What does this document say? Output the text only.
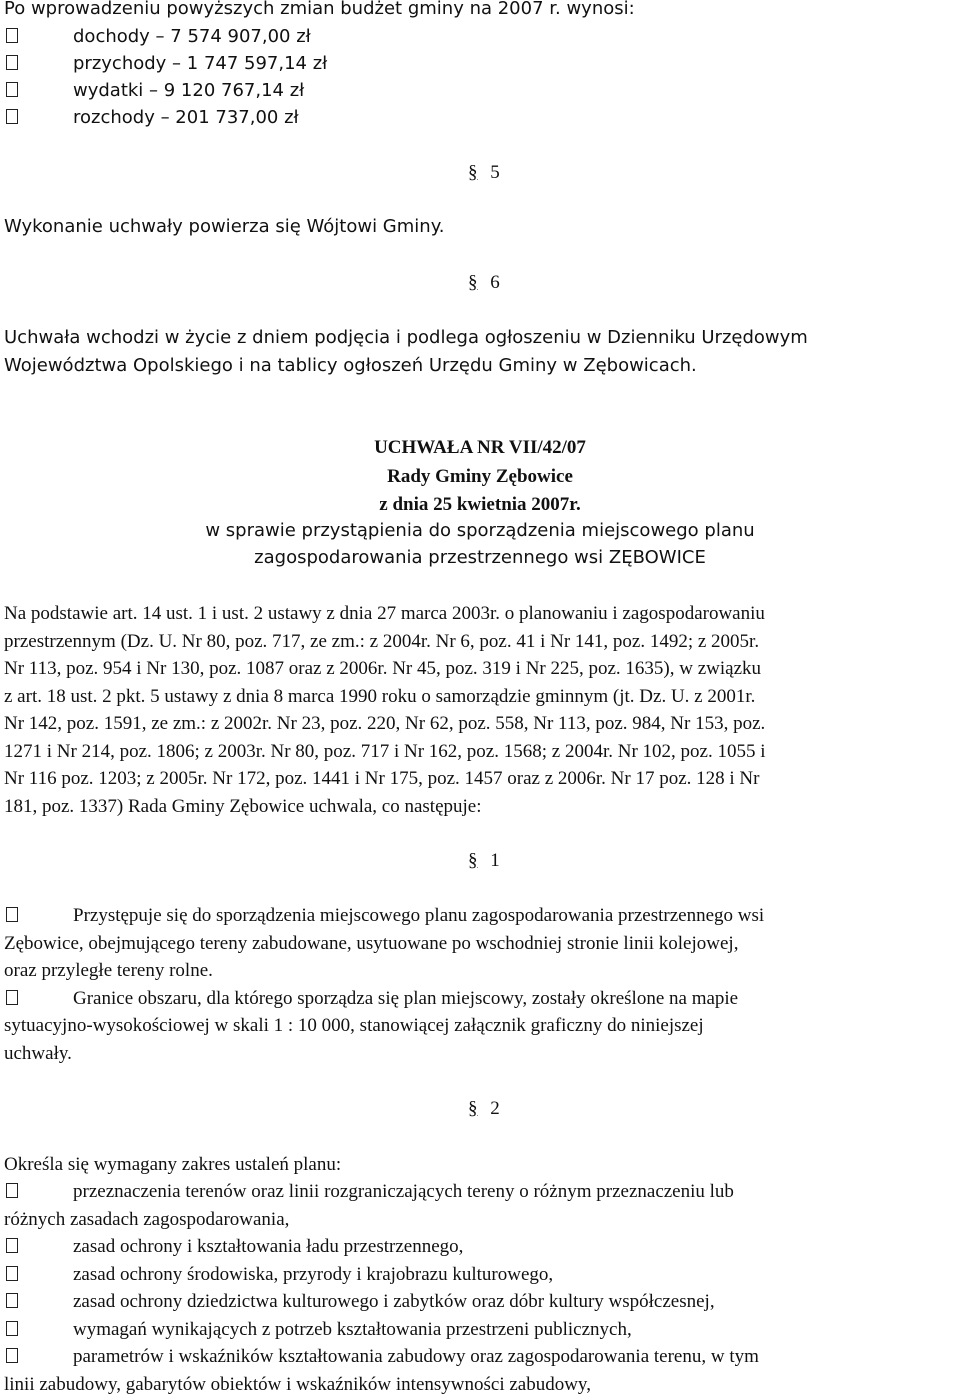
Po wprowadzeniu powyższych zmian budżet gminy na 2007 r. wynosi:
dochody – 7 574 907,00 zł
przychody – 1 747 597,14 zł
wydatki – 9 120 767,14 zł
rozchody – 201 737,00 zł
§ 5
Wykonanie uchwały powierza się Wójtowi Gminy.
§ 6
Uchwała wchodzi w życie z dniem podjęcia i podlega ogłoszeniu w Dzienniku Urzędowym
Województwa Opolskiego i na tablicy ogłoszeń Urzędu Gminy w Zębowicach.
UCHWAŁA NR VII/42/07
Rady Gminy Zębowice
z dnia 25 kwietnia 2007r.
w sprawie przystąpienia do sporządzenia miejscowego planu
zagospodarowania przestrzennego wsi ZĘBOWICE
Na podstawie art. 14 ust. 1 i ust. 2 ustawy z dnia 27 marca 2003r. o planowaniu i zagospodarowaniu
przestrzennym (Dz. U. Nr 80, poz. 717, ze zm.: z 2004r. Nr 6, poz. 41 i Nr 141, poz. 1492; z 2005r.
Nr 113, poz. 954 i Nr 130, poz. 1087 oraz z 2006r. Nr 45, poz. 319 i Nr 225, poz. 1635), w związku
z art. 18 ust. 2 pkt. 5 ustawy z dnia 8 marca 1990 roku o samorządzie gminnym (jt. Dz. U. z 2001r.
Nr 142, poz. 1591, ze zm.: z 2002r. Nr 23, poz. 220, Nr 62, poz. 558, Nr 113, poz. 984, Nr 153, poz.
1271 i Nr 214, poz. 1806; z 2003r. Nr 80, poz. 717 i Nr 162, poz. 1568; z 2004r. Nr 102, poz. 1055 i
Nr 116 poz. 1203; z 2005r. Nr 172, poz. 1441 i Nr 175, poz. 1457 oraz z 2006r. Nr 17 poz. 128 i Nr
181, poz. 1337) Rada Gminy Zębowice uchwala, co następuje:
§ 1
Przystępuje się do sporządzenia miejscowego planu zagospodarowania przestrzennego wsi
Zębowice, obejmującego tereny zabudowane, usytuowane po wschodniej stronie linii kolejowej,
oraz przyległe tereny rolne.
Granice obszaru, dla którego sporządza się plan miejscowy, zostały określone na mapie
sytuacyjno-wysokościowej w skali 1 : 10 000, stanowiącej załącznik graficzny do niniejszej
uchwały.
§ 2
Określa się wymagany zakres ustaleń planu:
przeznaczenia terenów oraz linii rozgraniczających tereny o różnym przeznaczeniu lub
różnych zasadach zagospodarowania,
zasad ochrony i kształtowania ładu przestrzennego,
zasad ochrony środowiska, przyrody i krajobrazu kulturowego,
zasad ochrony dziedzictwa kulturowego i zabytków oraz dóbr kultury współczesnej,
wymagań wynikających z potrzeb kształtowania przestrzeni publicznych,
parametrów i wskaźników kształtowania zabudowy oraz zagospodarowania terenu, w tym
linii zabudowy, gabarytów obiektów i wskaźników intensywności zabudowy,
